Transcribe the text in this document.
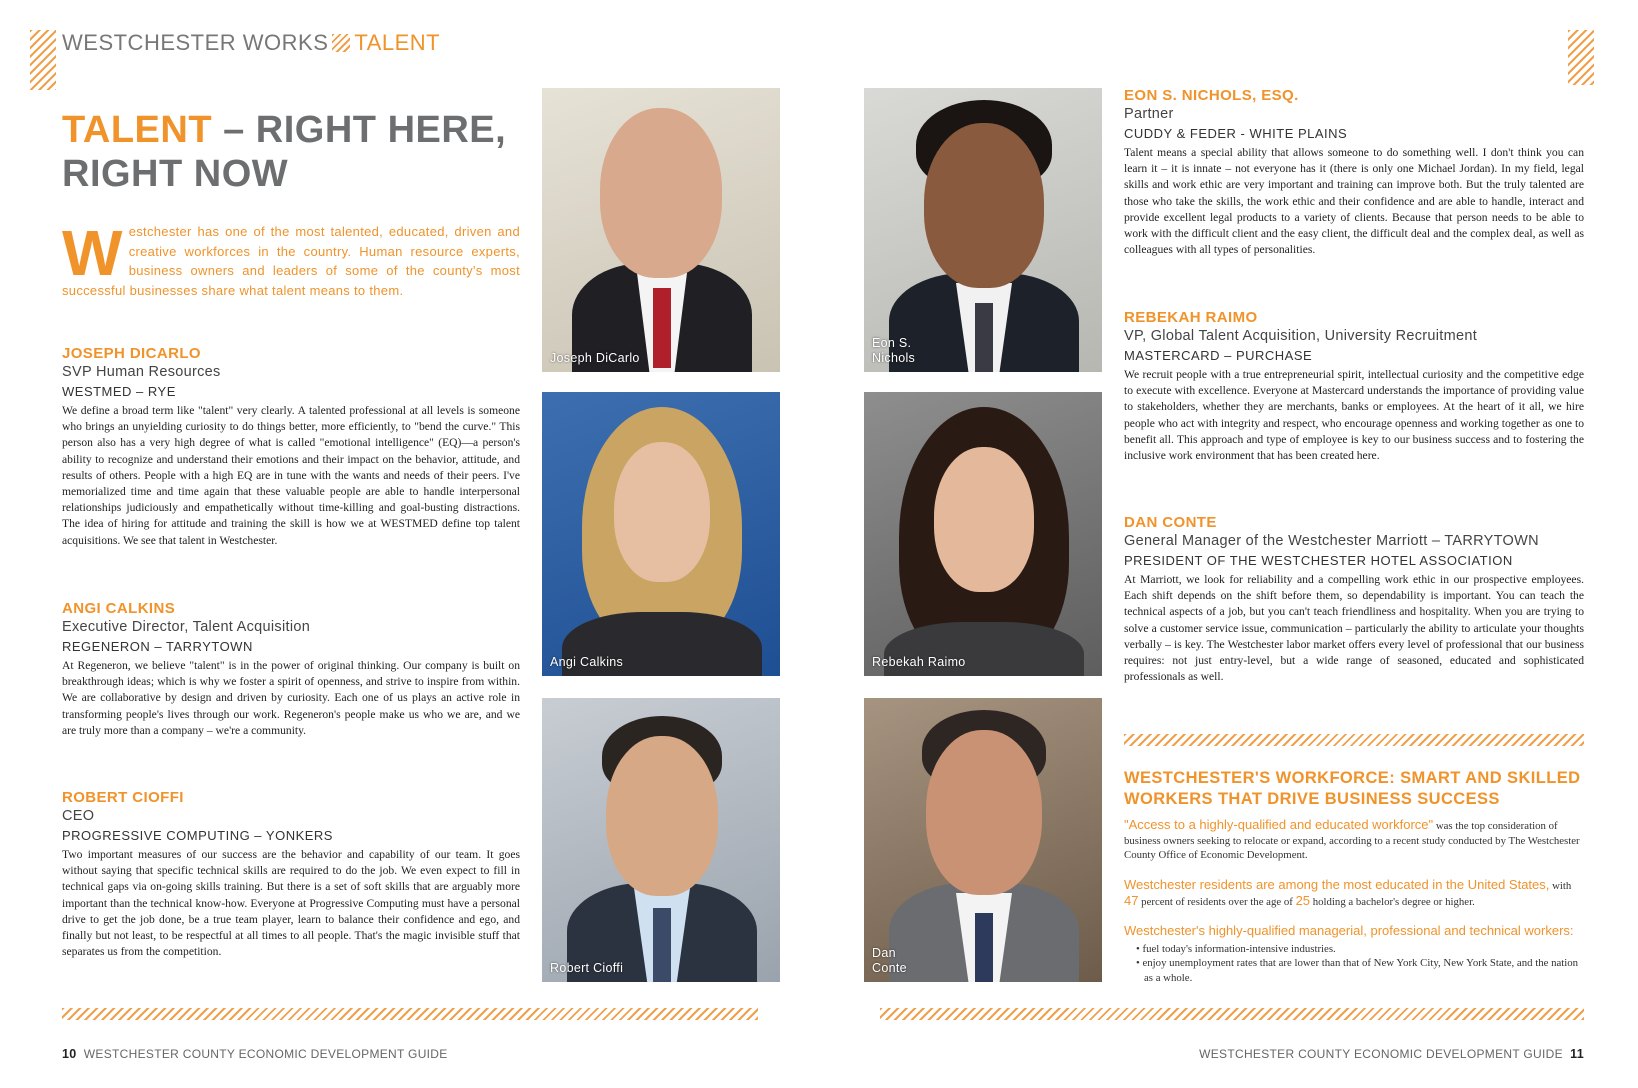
WESTCHESTER WORKS TALENT
TALENT – RIGHT HERE, RIGHT NOW
Westchester has one of the most talented, educated, driven and creative workforces in the country. Human resource experts, business owners and leaders of some of the county's most successful businesses share what talent means to them.
JOSEPH DICARLO
SVP Human Resources
WESTMED – RYE
We define a broad term like "talent" very clearly. A talented professional at all levels is someone who brings an unyielding curiosity to do things better, more efficiently, to "bend the curve." This person also has a very high degree of what is called "emotional intelligence" (EQ)—a person's ability to recognize and understand their emotions and their impact on the behavior, attitude, and results of others. People with a high EQ are in tune with the wants and needs of their peers. I've memorialized time and time again that these valuable people are able to handle interpersonal relationships judiciously and empathetically without time-killing and goal-busting distractions. The idea of hiring for attitude and training the skill is how we at WESTMED define top talent acquisitions. We see that talent in Westchester.
ANGI CALKINS
Executive Director, Talent Acquisition
REGENERON – TARRYTOWN
At Regeneron, we believe "talent" is in the power of original thinking. Our company is built on breakthrough ideas; which is why we foster a spirit of openness, and strive to inspire from within. We are collaborative by design and driven by curiosity. Each one of us plays an active role in transforming people's lives through our work. Regeneron's people make us who we are, and we are truly more than a company – we're a community.
ROBERT CIOFFI
CEO
PROGRESSIVE COMPUTING – YONKERS
Two important measures of our success are the behavior and capability of our team. It goes without saying that specific technical skills are required to do the job. We even expect to fill in technical gaps via on-going skills training. But there is a set of soft skills that are arguably more important than the technical know-how. Everyone at Progressive Computing must have a personal drive to get the job done, be a true team player, learn to balance their confidence and ego, and finally but not least, to be respectful at all times to all people. That's the magic invisible stuff that separates us from the competition.
EON S. NICHOLS, ESQ.
Partner
CUDDY & FEDER - WHITE PLAINS
Talent means a special ability that allows someone to do something well. I don't think you can learn it – it is innate – not everyone has it (there is only one Michael Jordan). In my field, legal skills and work ethic are very important and training can improve both. But the truly talented are those who take the skills, the work ethic and their confidence and are able to handle, interact and provide excellent legal products to a variety of clients. Because that person needs to be able to work with the difficult client and the easy client, the difficult deal and the complex deal, as well as colleagues with all types of personalities.
REBEKAH RAIMO
VP, Global Talent Acquisition, University Recruitment
MASTERCARD – PURCHASE
We recruit people with a true entrepreneurial spirit, intellectual curiosity and the competitive edge to execute with excellence. Everyone at Mastercard understands the importance of providing value to stakeholders, whether they are merchants, banks or employees. At the heart of it all, we hire people who act with integrity and respect, who encourage openness and working together as one to benefit all. This approach and type of employee is key to our business success and to fostering the inclusive work environment that has been created here.
DAN CONTE
General Manager of the Westchester Marriott – TARRYTOWN
PRESIDENT OF THE WESTCHESTER HOTEL ASSOCIATION
At Marriott, we look for reliability and a compelling work ethic in our prospective employees. Each shift depends on the shift before them, so dependability is important. You can teach the technical aspects of a job, but you can't teach friendliness and hospitality. When you are trying to solve a customer service issue, communication – particularly the ability to articulate your thoughts verbally – is key. The Westchester labor market offers every level of professional that our business requires: not just entry-level, but a wide range of seasoned, educated and sophisticated professionals as well.
Joseph DiCarlo
Angi Calkins
Robert Cioffi
Eon S. Nichols
Rebekah Raimo
Dan Conte
WESTCHESTER'S WORKFORCE: SMART AND SKILLED WORKERS THAT DRIVE BUSINESS SUCCESS
"Access to a highly-qualified and educated workforce" was the top consideration of business owners seeking to relocate or expand, according to a recent study conducted by The Westchester County Office of Economic Development.
Westchester residents are among the most educated in the United States, with 47 percent of residents over the age of 25 holding a bachelor's degree or higher.
Westchester's highly-qualified managerial, professional and technical workers:
• fuel today's information-intensive industries.
• enjoy unemployment rates that are lower than that of New York City, New York State, and the nation as a whole.
10 WESTCHESTER COUNTY ECONOMIC DEVELOPMENT GUIDE	WESTCHESTER COUNTY ECONOMIC DEVELOPMENT GUIDE 11
